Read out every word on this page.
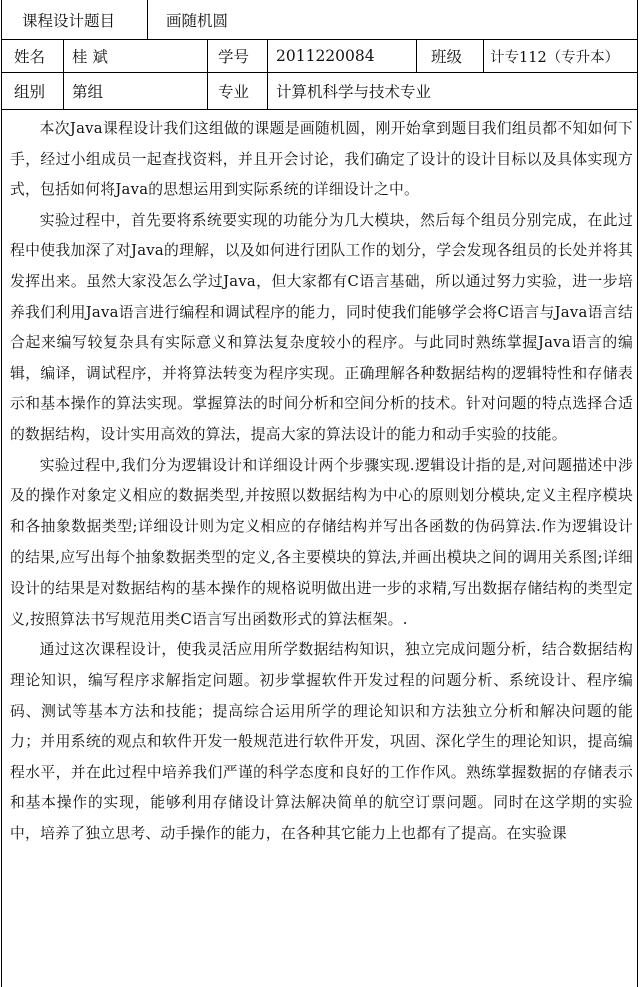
课程设计题目	画随机圆
姓名 桂 斌	学号 2011220084	班级 计专112（专升本）
组别 第组	专业 计算机科学与技术专业

本次Java课程设计我们这组做的课题是画随机圆，刚开始拿到题目我们组员都不知如何下手，经过小组成员一起查找资料，并且开会讨论，我们确定了设计的设计目标以及具体实现方式，包括如何将Java的思想运用到实际系统的详细设计之中。

实验过程中，首先要将系统要实现的功能分为几大模块，然后每个组员分别完成，在此过程中使我加深了对Java的理解，以及如何进行团队工作的划分，学会发现各组员的长处并将其发挥出来。虽然大家没怎么学过Java，但大家都有C语言基础，所以通过努力实验，进一步培养我们利用Java语言进行编程和调试程序的能力，同时使我们能够学会将C语言与Java语言结合起来编写较复杂具有实际意义和算法复杂度较小的程序。与此同时熟练掌握Java语言的编辑，编译，调试程序，并将算法转变为程序实现。正确理解各种数据结构的逻辑特性和存储表示和基本操作的算法实现。掌握算法的时间分析和空间分析的技术。针对问题的特点选择合适的数据结构，设计实用高效的算法，提高大家的算法设计的能力和动手实验的技能。

实验过程中,我们分为逻辑设计和详细设计两个步骤实现.逻辑设计指的是,对问题描述中涉及的操作对象定义相应的数据类型,并按照以数据结构为中心的原则划分模块,定义主程序模块和各抽象数据类型;详细设计则为定义相应的存储结构并写出各函数的伪码算法.作为逻辑设计的结果,应写出每个抽象数据类型的定义,各主要模块的算法,并画出模块之间的调用关系图;详细设计的结果是对数据结构的基本操作的规格说明做出进一步的求精,写出数据存储结构的类型定义,按照算法书写规范用类C语言写出函数形式的算法框架。.

通过这次课程设计，使我灵活应用所学数据结构知识，独立完成问题分析，结合数据结构理论知识，编写程序求解指定问题。初步掌握软件开发过程的问题分析、系统设计、程序编码、测试等基本方法和技能；提高综合运用所学的理论知识和方法独立分析和解决问题的能力；并用系统的观点和软件开发一般规范进行软件开发，巩固、深化学生的理论知识，提高编程水平，并在此过程中培养我们严谨的科学态度和良好的工作作风。熟练掌握数据的存储表示和基本操作的实现，能够利用存储设计算法解决简单的航空订票问题。同时在这学期的实验中，培养了独立思考、动手操作的能力，在各种其它能力上也都有了提高。在实验课
